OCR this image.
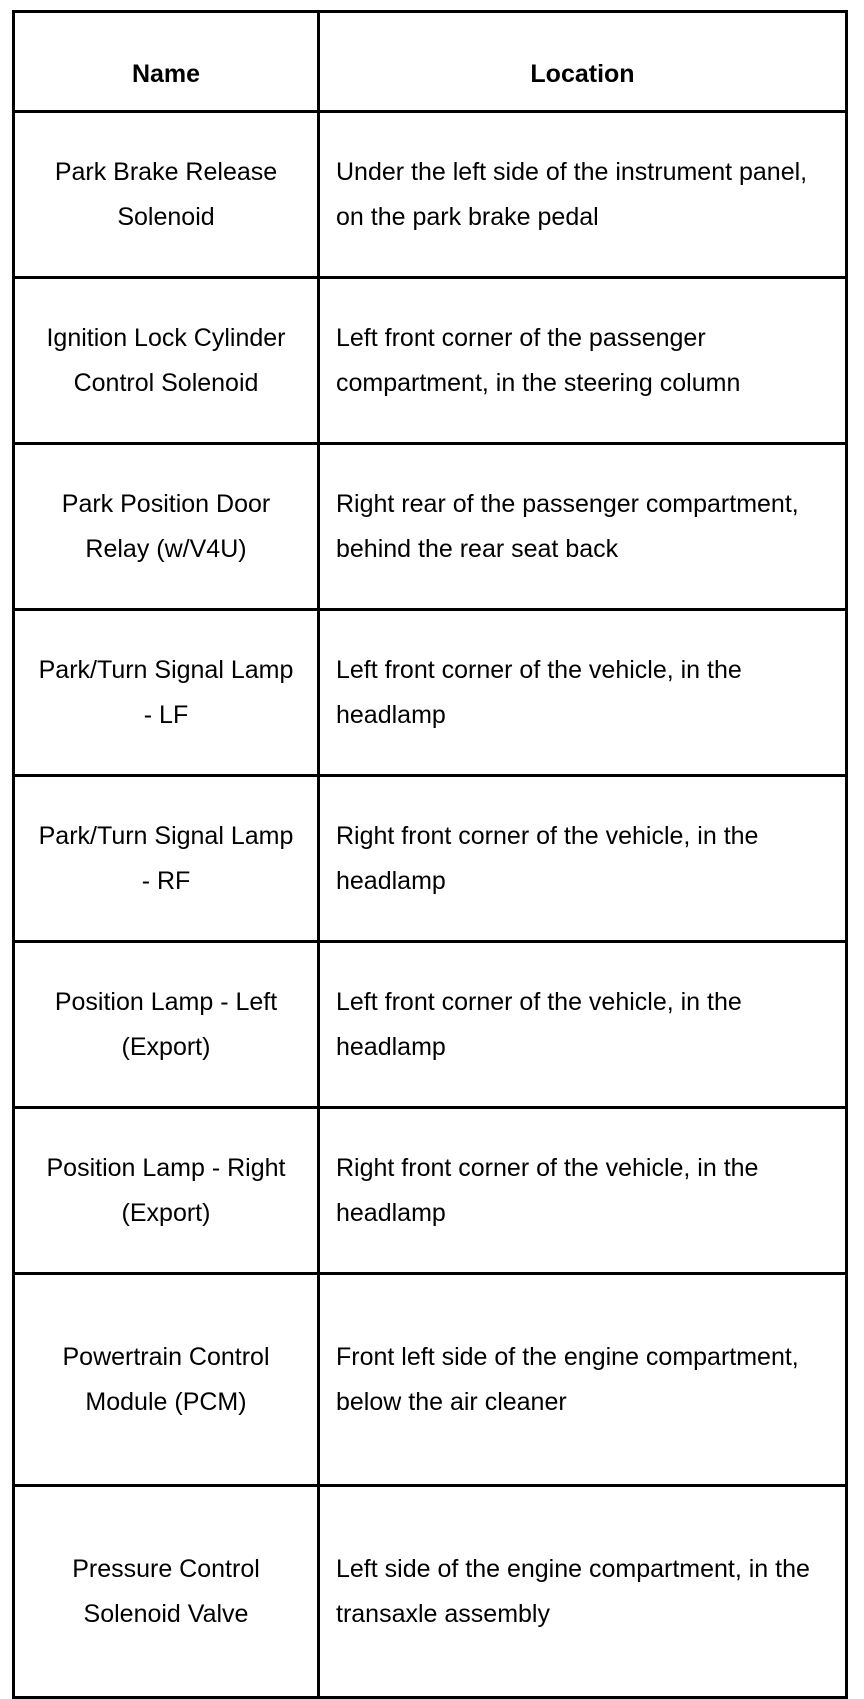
Name	Location
Park Brake Release Solenoid	Under the left side of the instrument panel, on the park brake pedal
Ignition Lock Cylinder Control Solenoid	Left front corner of the passenger compartment, in the steering column
Park Position Door Relay (w/V4U)	Right rear of the passenger compartment, behind the rear seat back
Park/Turn Signal Lamp - LF	Left front corner of the vehicle, in the headlamp
Park/Turn Signal Lamp - RF	Right front corner of the vehicle, in the headlamp
Position Lamp - Left (Export)	Left front corner of the vehicle, in the headlamp
Position Lamp - Right (Export)	Right front corner of the vehicle, in the headlamp
Powertrain Control Module (PCM)	Front left side of the engine compartment, below the air cleaner
Pressure Control Solenoid Valve	Left side of the engine compartment, in the transaxle assembly
